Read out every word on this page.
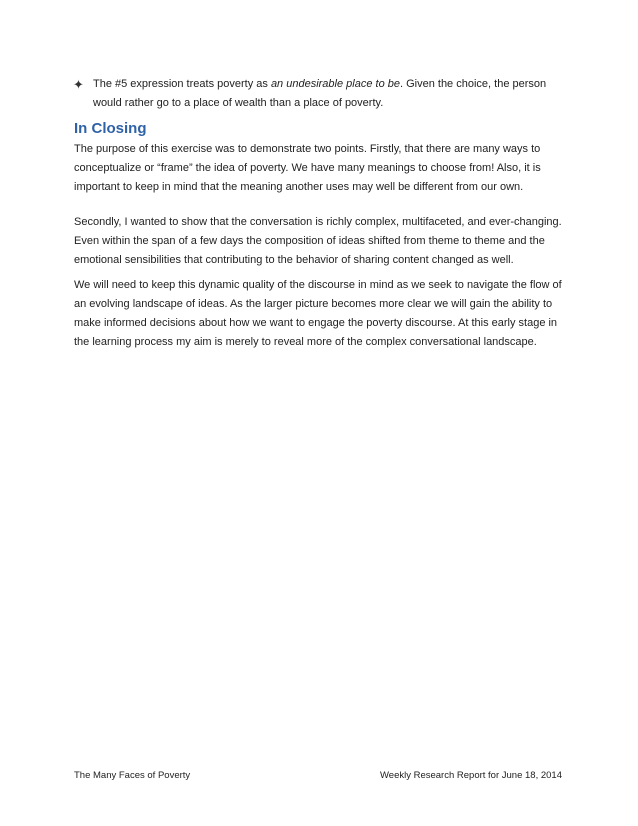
✦ The #5 expression treats poverty as an undesirable place to be. Given the choice, the person would rather go to a place of wealth than a place of poverty.
In Closing

The purpose of this exercise was to demonstrate two points. Firstly, that there are many ways to conceptualize or “frame” the idea of poverty. We have many meanings to choose from! Also, it is important to keep in mind that the meaning another uses may well be different from our own.

Secondly, I wanted to show that the conversation is richly complex, multifaceted, and ever-changing. Even within the span of a few days the composition of ideas shifted from theme to theme and the emotional sensibilities that contributing to the behavior of sharing content changed as well.

We will need to keep this dynamic quality of the discourse in mind as we seek to navigate the flow of an evolving landscape of ideas. As the larger picture becomes more clear we will gain the ability to make informed decisions about how we want to engage the poverty discourse. At this early stage in the learning process my aim is merely to reveal more of the complex conversational landscape.

The Many Faces of Poverty	Weekly Research Report for June 18, 2014
